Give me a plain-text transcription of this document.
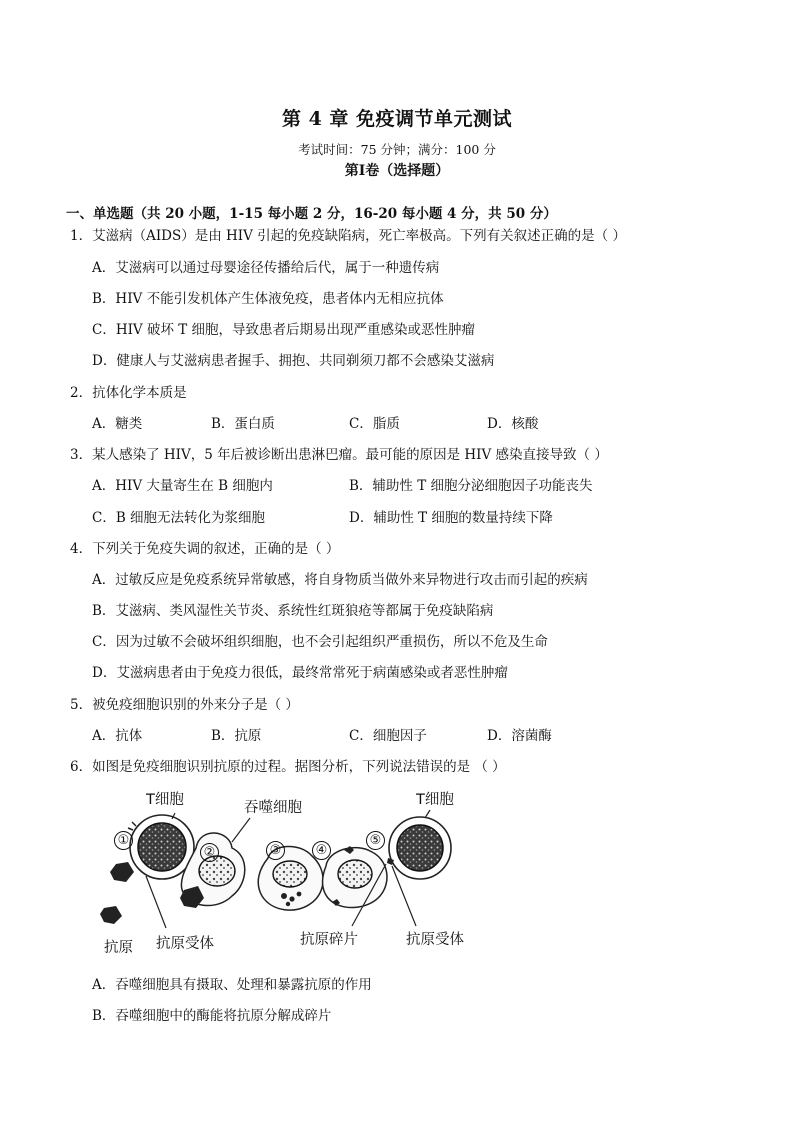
第 4 章 免疫调节单元测试
考试时间：75 分钟；满分：100 分
第Ⅰ卷（选择题）
一、单选题（共 20 小题，1-15 每小题 2 分，16-20 每小题 4 分，共 50 分）
1．艾滋病（AIDS）是由 HIV 引起的免疫缺陷病，死亡率极高。下列有关叙述正确的是（ ）
A．艾滋病可以通过母婴途径传播给后代，属于一种遗传病
B．HIV 不能引发机体产生体液免疫，患者体内无相应抗体
C．HIV 破坏 T 细胞，导致患者后期易出现严重感染或恶性肿瘤
D．健康人与艾滋病患者握手、拥抱、共同剃须刀都不会感染艾滋病
2．抗体化学本质是
A．糖类	B．蛋白质	C．脂质	D．核酸
3．某人感染了 HIV，5 年后被诊断出患淋巴瘤。最可能的原因是 HIV 感染直接导致（ ）
A．HIV 大量寄生在 B 细胞内	B．辅助性 T 细胞分泌细胞因子功能丧失
C．B 细胞无法转化为浆细胞	D．辅助性 T 细胞的数量持续下降
4．下列关于免疫失调的叙述，正确的是（ ）
A．过敏反应是免疫系统异常敏感，将自身物质当做外来异物进行攻击而引起的疾病
B．艾滋病、类风湿性关节炎、系统性红斑狼疮等都属于免疫缺陷病
C．因为过敏不会破坏组织细胞，也不会引起组织严重损伤，所以不危及生命
D．艾滋病患者由于免疫力很低，最终常常死于病菌感染或者恶性肿瘤
5．被免疫细胞识别的外来分子是（ ）
A．抗体	B．抗原	C．细胞因子	D．溶菌酶
6．如图是免疫细胞识别抗原的过程。据图分析，下列说法错误的是 （ ）
T细胞	吞噬细胞	T细胞
抗原 抗原受体	抗原碎片	抗原受体
①
②	③	④
⑤
A．吞噬细胞具有摄取、处理和暴露抗原的作用
B．吞噬细胞中的酶能将抗原分解成碎片
